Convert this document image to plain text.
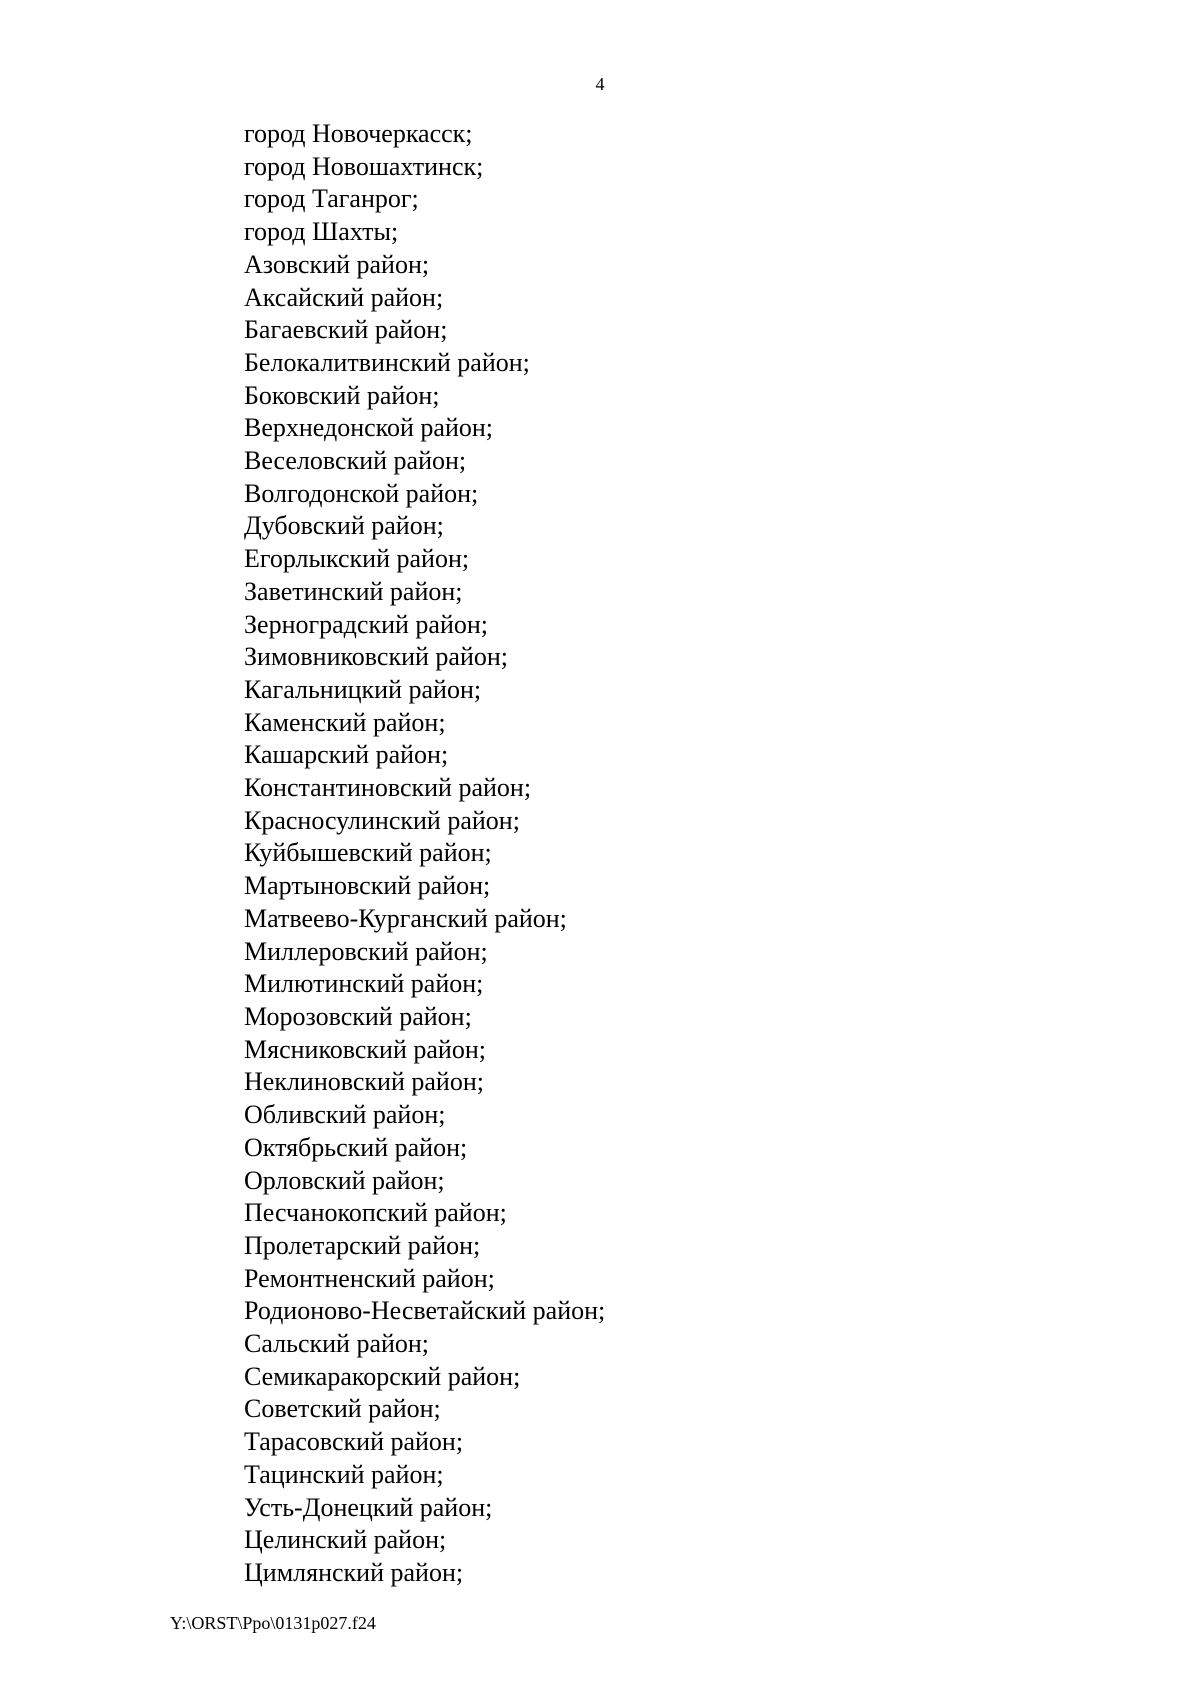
4
город Новочеркасск;
город Новошахтинск;
город Таганрог;
город Шахты;
Азовский район;
Аксайский район;
Багаевский район;
Белокалитвинский район;
Боковский район;
Верхнедонской район;
Веселовский район;
Волгодонской район;
Дубовский район;
Егорлыкский район;
Заветинский район;
Зерноградский район;
Зимовниковский район;
Кагальницкий район;
Каменский район;
Кашарский район;
Константиновский район;
Красносулинский район;
Куйбышевский район;
Мартыновский район;
Матвеево-Курганский район;
Миллеровский район;
Милютинский район;
Морозовский район;
Мясниковский район;
Неклиновский район;
Обливский район;
Октябрьский район;
Орловский район;
Песчанокопский район;
Пролетарский район;
Ремонтненский район;
Родионово-Несветайский район;
Сальский район;
Семикаракорский район;
Советский район;
Тарасовский район;
Тацинский район;
Усть-Донецкий район;
Целинский район;
Цимлянский район;
Y:\ORST\Ppo\0131p027.f24
